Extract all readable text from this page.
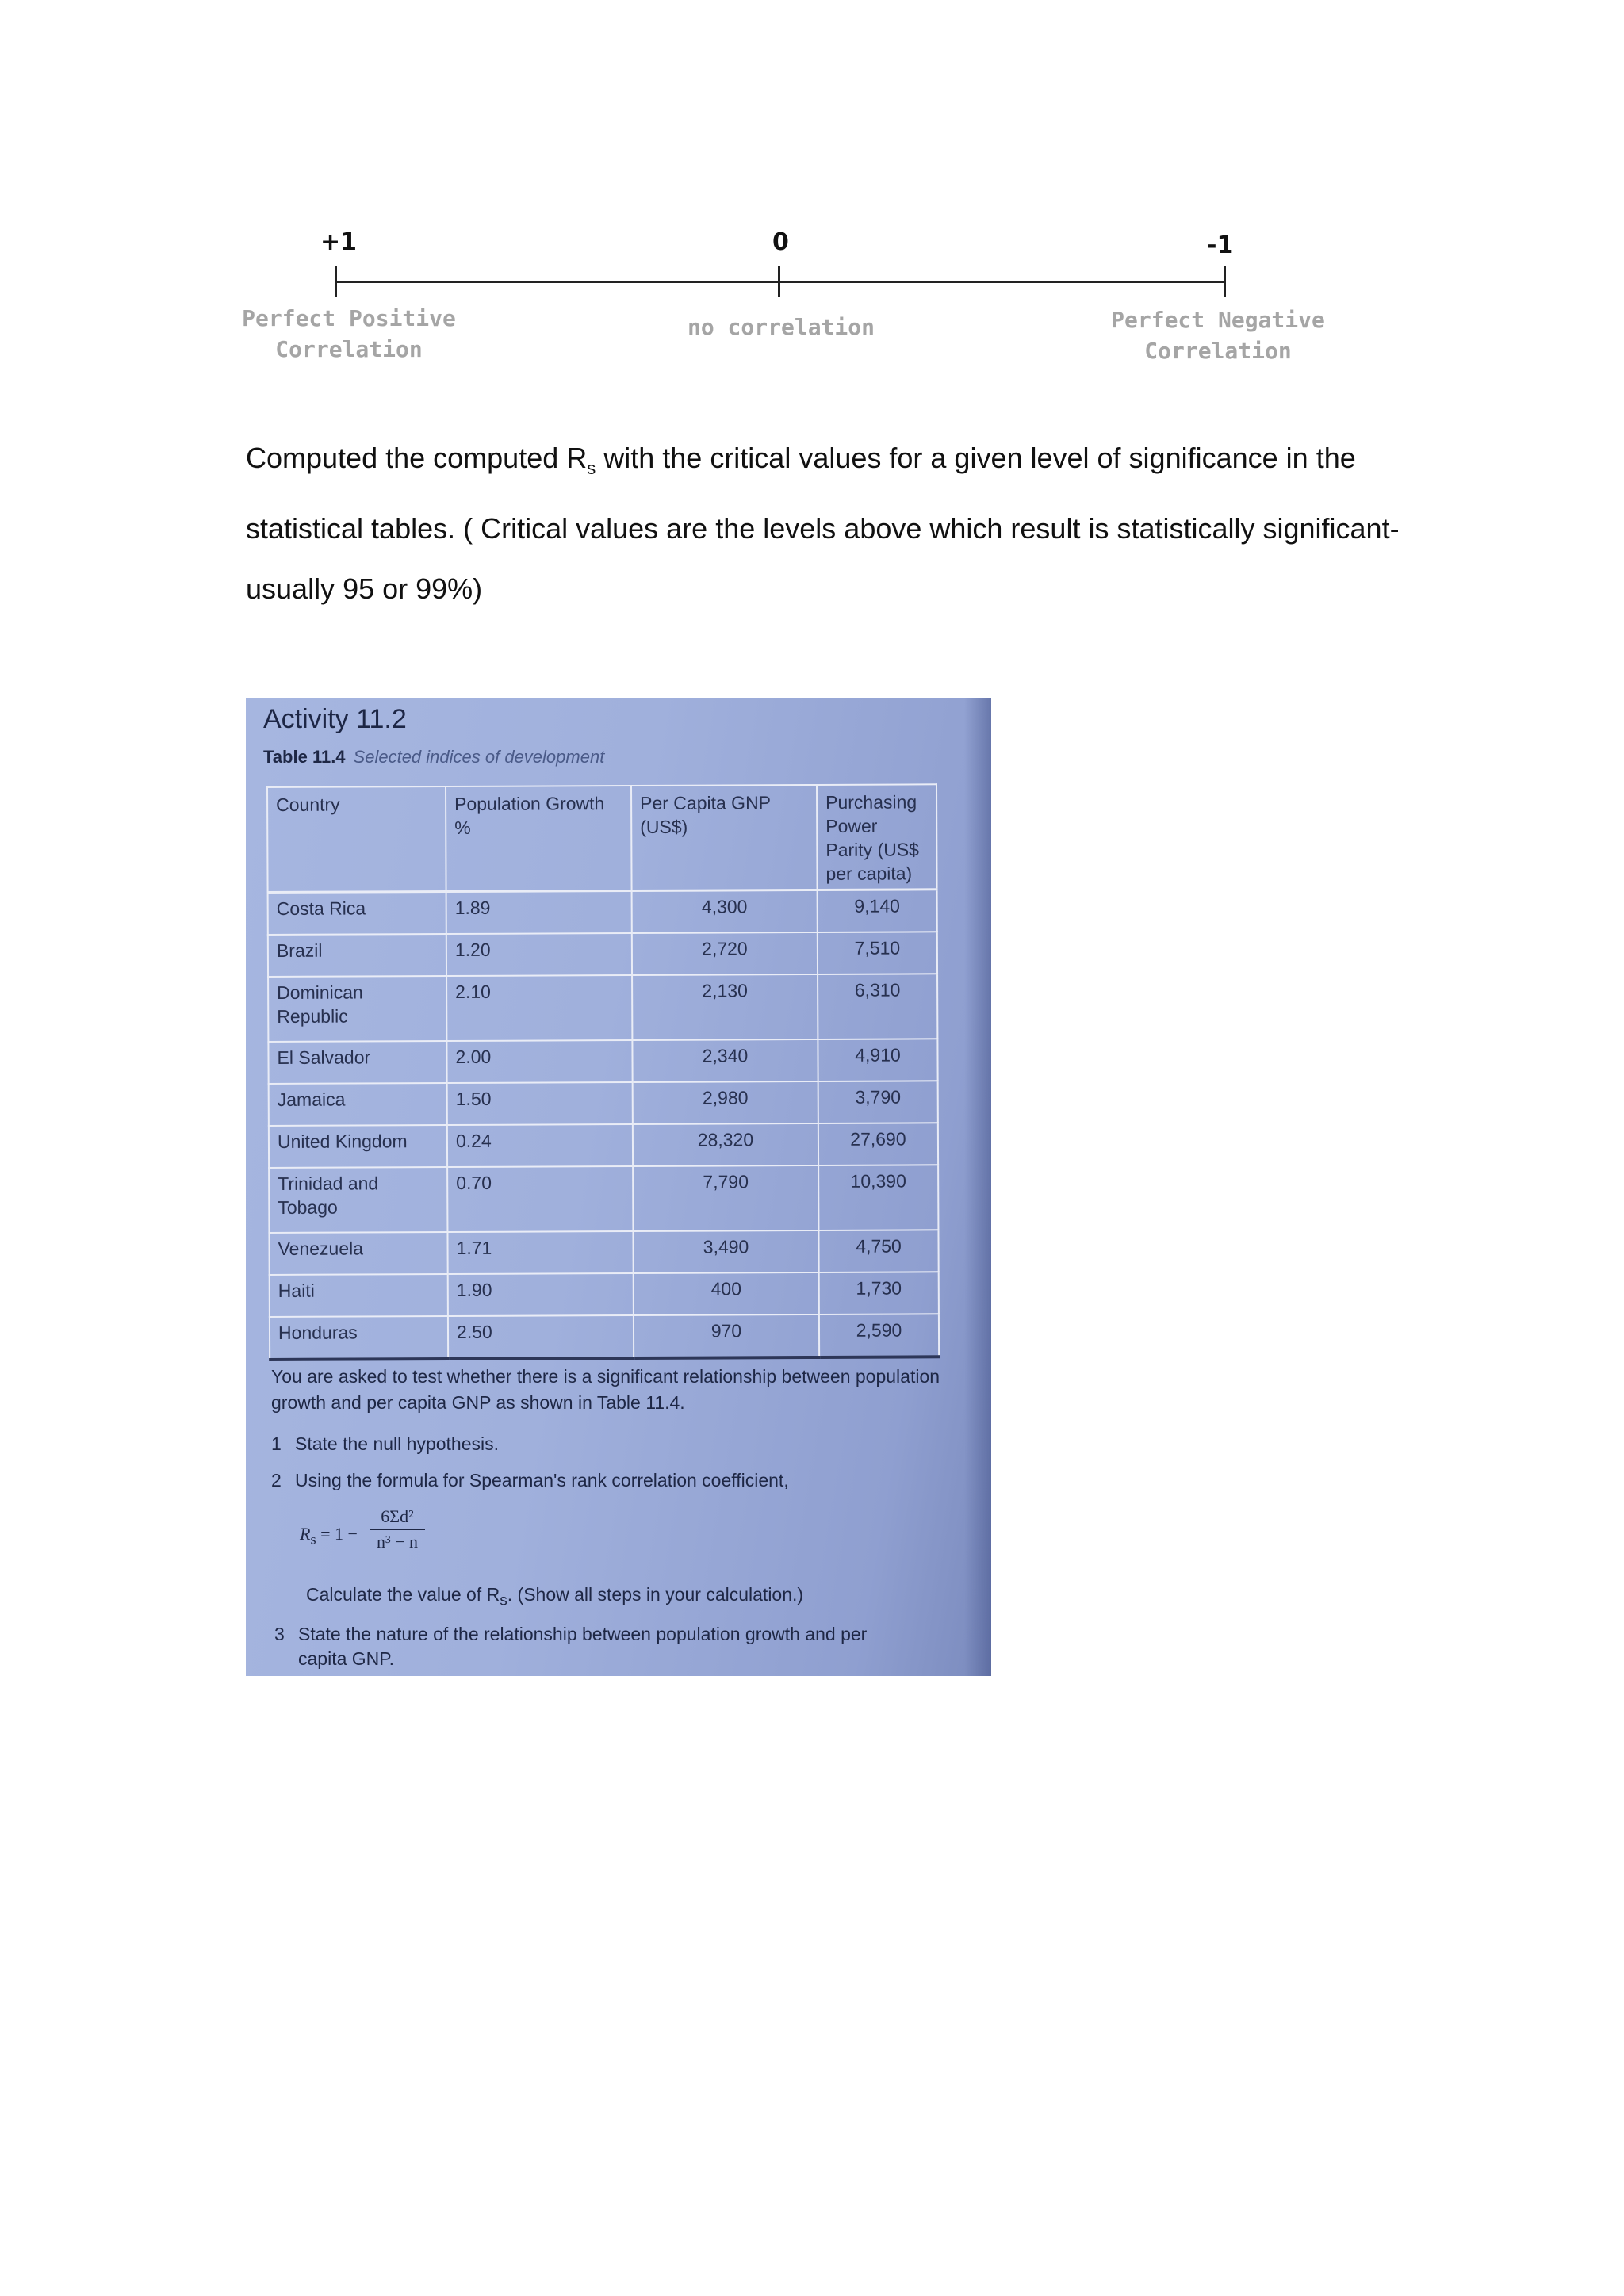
+1	0	-1
Perfect Positive
Correlation
no correlation	Perfect Negative
Correlation
Computed the computed $R_s$ with the critical values for a given level of significance in the statistical tables. ( Critical values are the levels above which result is statistically significant- usually 95 or 99%)
Activity 11.2
Table 11.4 Selected indices of development
Country	Population Growth %	Per Capita GNP (US$)	Purchasing Power Parity (US$ per capita)
Costa Rica	1.89	4,300	9,140
Brazil	1.20	2,720	7,510
Dominican Republic	2.10	2,130	6,310
El Salvador	2.00	2,340	4,910
Jamaica	1.50	2,980	3,790
United Kingdom	0.24	28,320	27,690
Trinidad and Tobago	0.70	7,790	10,390
Venezuela	1.71	3,490	4,750
Haiti	1.90	400	1,730
Honduras	2.50	970	2,590
You are asked to test whether there is a significant relationship between population growth and per capita GNP as shown in Table 11.4.
1 State the null hypothesis.
2 Using the formula for Spearman's rank correlation coefficient,
$R_s = 1 - \frac{\text{6Σd²}}{\text{n³ − n}}$
Calculate the value of $R_s$. (Show all steps in your calculation.)
3 State the nature of the relationship between population growth and per capita GNP.
